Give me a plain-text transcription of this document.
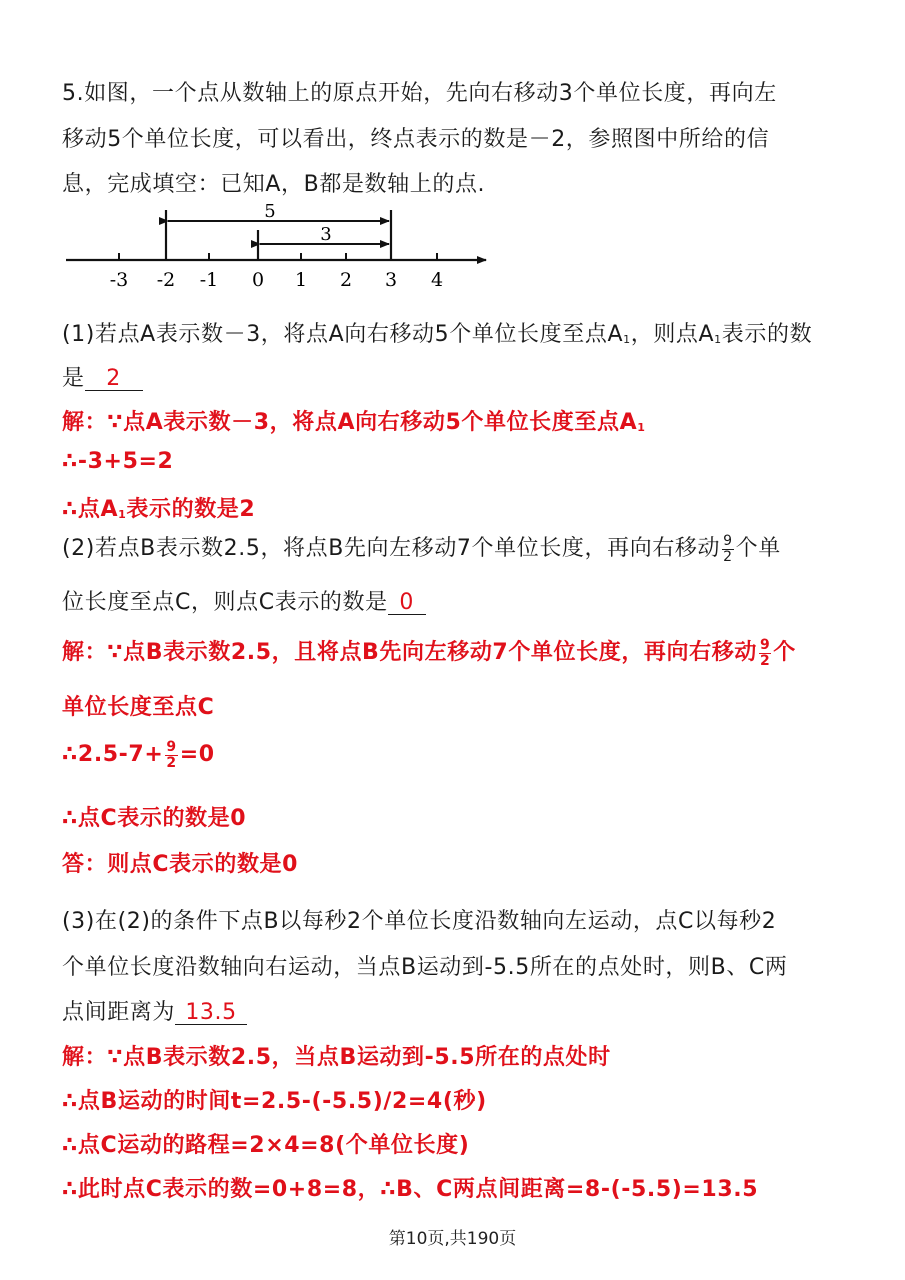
5.如图，一个点从数轴上的原点开始，先向右移动3个单位长度，再向左
移动5个单位长度，可以看出，终点表示的数是－2，参照图中所给的信
息，完成填空：已知A，B都是数轴上的点.
5
3
-3 -2 -1 0 1 2 3 4
(1)若点A表示数－3，将点A向右移动5个单位长度至点$A_1$，则点$A_1$表示的数
是 2
解：∵点A表示数－3，将点A向右移动5个单位长度至点$A_1$
∴-3+5=2
∴点$A_1$表示的数是2
(2)若点B表示数2.5，将点B先向左移动7个单位长度，再向右移动 $\frac{9}{2}$ 个单
位长度至点C，则点C表示的数是 0
解：∵点B表示数2.5，且将点B先向左移动7个单位长度，再向右移动 $\frac{9}{2}$ 个
单位长度至点C
∴2.5-7+ $\frac{9}{2} =0$
∴点C表示的数是0
答：则点C表示的数是0
(3)在(2)的条件下点B以每秒2个单位长度沿数轴向左运动，点C以每秒2
个单位长度沿数轴向右运动，当点B运动到-5.5所在的点处时，则B、C两
点间距离为 13.5
解：∵点B表示数2.5，当点B运动到-5.5所在的点处时
∴点B运动的时间t=2.5-(-5.5)/2=4(秒)
∴点C运动的路程=2×4=8(个单位长度)
∴此时点C表示的数=0+8=8，∴B、C两点间距离=8-(-5.5)=13.5
第10页,共190页
